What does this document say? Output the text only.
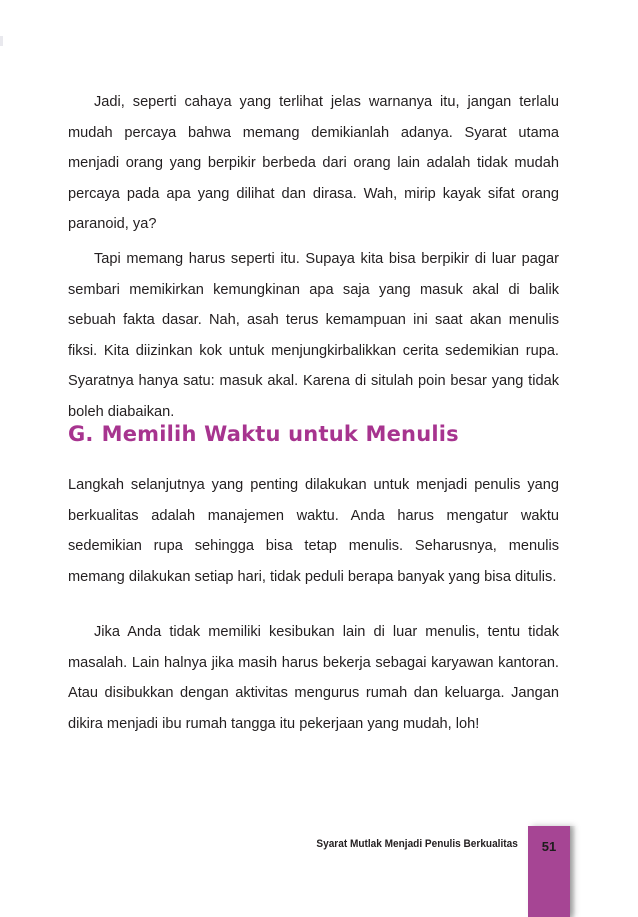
Jadi, seperti cahaya yang terlihat jelas warnanya itu, jangan terlalu mudah percaya bahwa memang demikianlah adanya. Syarat utama menjadi orang yang berpikir berbeda dari orang lain adalah tidak mudah percaya pada apa yang dilihat dan dirasa. Wah, mirip kayak sifat orang paranoid, ya?

Tapi memang harus seperti itu. Supaya kita bisa berpikir di luar pagar sembari memikirkan kemungkinan apa saja yang masuk akal di balik sebuah fakta dasar. Nah, asah terus kemampuan ini saat akan menulis fiksi. Kita diizinkan kok untuk menjungkirbalikkan cerita sedemikian rupa. Syaratnya hanya satu: masuk akal. Karena di situlah poin besar yang tidak boleh diabaikan.

G. Memilih Waktu untuk Menulis

Langkah selanjutnya yang penting dilakukan untuk menjadi penulis yang berkualitas adalah manajemen waktu. Anda harus mengatur waktu sedemikian rupa sehingga bisa tetap menulis. Seharusnya, menulis memang dilakukan setiap hari, tidak peduli berapa banyak yang bisa ditulis.

Jika Anda tidak memiliki kesibukan lain di luar menulis, tentu tidak masalah. Lain halnya jika masih harus bekerja sebagai karyawan kantoran. Atau disibukkan dengan aktivitas mengurus rumah dan keluarga. Jangan dikira menjadi ibu rumah tangga itu pekerjaan yang mudah, loh!

Syarat Mutlak Menjadi Penulis Berkualitas	51
